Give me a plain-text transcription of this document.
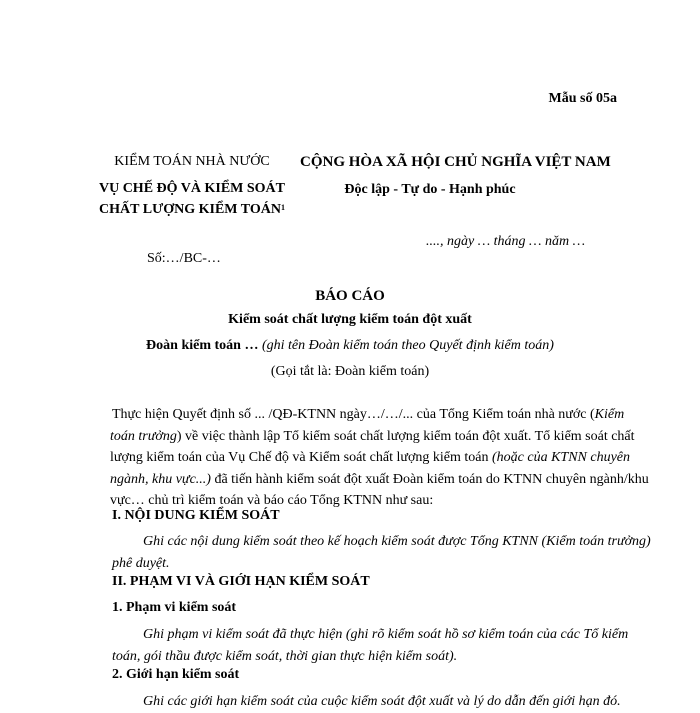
Mẫu số 05a
KIỂM TOÁN NHÀ NƯỚC
VỤ CHẾ ĐỘ VÀ KIỂM SOÁT
CHẤT LƯỢNG KIỂM TOÁN$^1$
CỘNG HÒA XÃ HỘI CHỦ NGHĨA VIỆT NAM
Độc lập - Tự do - Hạnh phúc
...., ngày … tháng … năm …
Số:…/BC-…
BÁO CÁO
Kiểm soát chất lượng kiểm toán đột xuất
Đoàn kiểm toán … (ghi tên Đoàn kiểm toán theo Quyết định kiểm toán)
(Gọi tắt là: Đoàn kiểm toán)
Thực hiện Quyết định số ... /QĐ-KTNN ngày…/…/... của Tổng Kiểm toán nhà nước (Kiểm
toán trưởng) về việc thành lập Tổ kiểm soát chất lượng kiểm toán đột xuất. Tổ kiểm soát chất
lượng kiểm toán của Vụ Chế độ và Kiểm soát chất lượng kiểm toán (hoặc của KTNN chuyên
ngành, khu vực...) đã tiến hành kiểm soát đột xuất Đoàn kiểm toán do KTNN chuyên ngành/khu
vực… chủ trì kiểm toán và báo cáo Tổng KTNN như sau:
I. NỘI DUNG KIỂM SOÁT
Ghi các nội dung kiểm soát theo kế hoạch kiểm soát được Tổng KTNN (Kiểm toán trưởng)
phê duyệt.
II. PHẠM VI VÀ GIỚI HẠN KIỂM SOÁT
1. Phạm vi kiểm soát
Ghi phạm vi kiểm soát đã thực hiện (ghi rõ kiểm soát hồ sơ kiểm toán của các Tổ kiểm
toán, gói thầu được kiểm soát, thời gian thực hiện kiểm soát).
2. Giới hạn kiểm soát
Ghi các giới hạn kiểm soát của cuộc kiểm soát đột xuất và lý do dẫn đến giới hạn đó.
